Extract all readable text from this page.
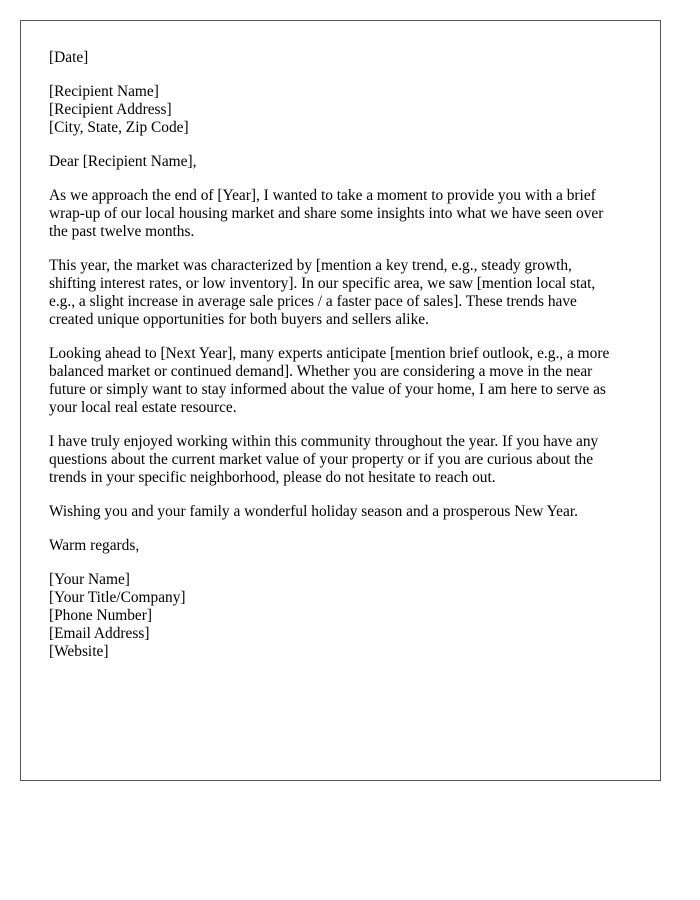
[Date]

[Recipient Name]
[Recipient Address]
[City, State, Zip Code]

Dear [Recipient Name],

As we approach the end of [Year], I wanted to take a moment to provide you with a brief
wrap-up of our local housing market and share some insights into what we have seen over
the past twelve months.

This year, the market was characterized by [mention a key trend, e.g., steady growth,
shifting interest rates, or low inventory]. In our specific area, we saw [mention local stat,
e.g., a slight increase in average sale prices / a faster pace of sales]. These trends have
created unique opportunities for both buyers and sellers alike.

Looking ahead to [Next Year], many experts anticipate [mention brief outlook, e.g., a more
balanced market or continued demand]. Whether you are considering a move in the near
future or simply want to stay informed about the value of your home, I am here to serve as
your local real estate resource.

I have truly enjoyed working within this community throughout the year. If you have any
questions about the current market value of your property or if you are curious about the
trends in your specific neighborhood, please do not hesitate to reach out.

Wishing you and your family a wonderful holiday season and a prosperous New Year.

Warm regards,

[Your Name]
[Your Title/Company]
[Phone Number]
[Email Address]
[Website]
